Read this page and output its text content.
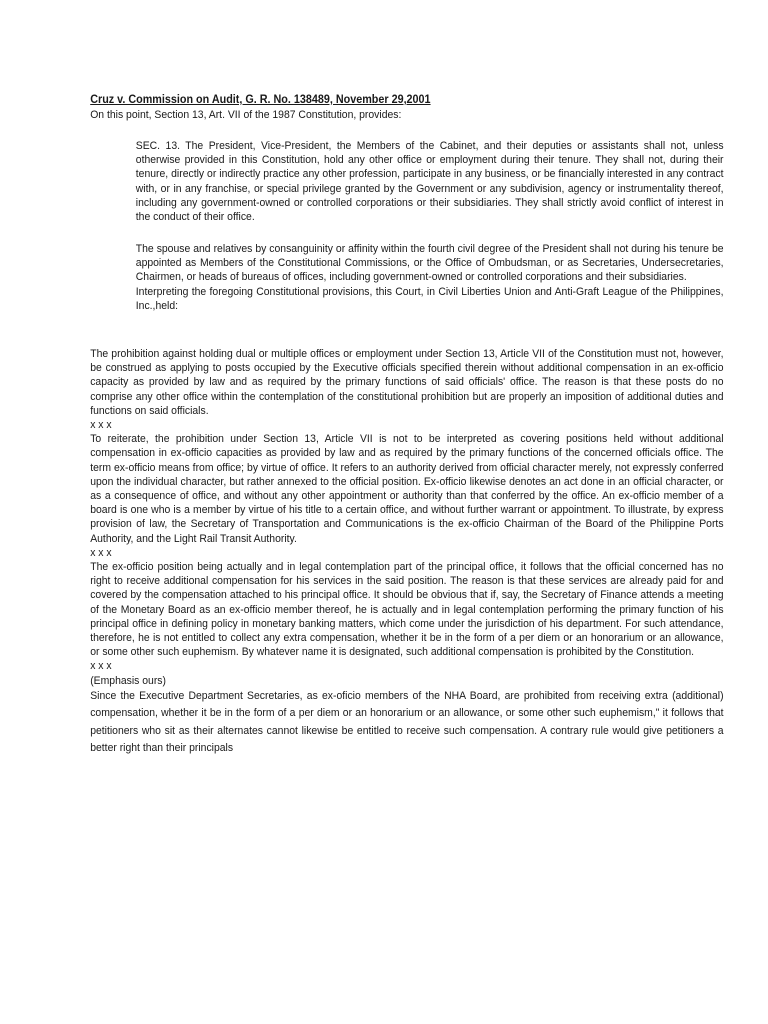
Cruz v. Commission on Audit, G. R. No. 138489, November 29,2001

On this point, Section 13, Art. VII of the 1987 Constitution, provides:

SEC. 13. The President, Vice-President, the Members of the Cabinet, and their deputies or assistants shall not, unless otherwise provided in this Constitution, hold any other office or employment during their tenure. They shall not, during their tenure, directly or indirectly practice any other profession, participate in any business, or be financially interested in any contract with, or in any franchise, or special privilege granted by the Government or any subdivision, agency or instrumentality thereof, including any government-owned or controlled corporations or their subsidiaries. They shall strictly avoid conflict of interest in the conduct of their office.

The spouse and relatives by consanguinity or affinity within the fourth civil degree of the President shall not during his tenure be appointed as Members of the Constitutional Commissions, or the Office of Ombudsman, or as Secretaries, Undersecretaries, Chairmen, or heads of bureaus of offices, including government-owned or controlled corporations and their subsidiaries.

Interpreting the foregoing Constitutional provisions, this Court, in Civil Liberties Union and Anti-Graft League of the Philippines, Inc.,held:

The prohibition against holding dual or multiple offices or employment under Section 13, Article VII of the Constitution must not, however, be construed as applying to posts occupied by the Executive officials specified therein without additional compensation in an ex-officio capacity as provided by law and as required by the primary functions of said officials' office. The reason is that these posts do no comprise any other office within the contemplation of the constitutional prohibition but are properly an imposition of additional duties and functions on said officials.

x x x

To reiterate, the prohibition under Section 13, Article VII is not to be interpreted as covering positions held without additional compensation in ex-officio capacities as provided by law and as required by the primary functions of the concerned officials office. The term ex-officio means from office; by virtue of office. It refers to an authority derived from official character merely, not expressly conferred upon the individual character, but rather annexed to the official position. Ex-officio likewise denotes an act done in an official character, or as a consequence of office, and without any other appointment or authority than that conferred by the office. An ex-officio member of a board is one who is a member by virtue of his title to a certain office, and without further warrant or appointment. To illustrate, by express provision of law, the Secretary of Transportation and Communications is the ex-officio Chairman of the Board of the Philippine Ports Authority, and the Light Rail Transit Authority.

x x x

The ex-officio position being actually and in legal contemplation part of the principal office, it follows that the official concerned has no right to receive additional compensation for his services in the said position. The reason is that these services are already paid for and covered by the compensation attached to his principal office. It should be obvious that if, say, the Secretary of Finance attends a meeting of the Monetary Board as an ex-officio member thereof, he is actually and in legal contemplation performing the primary function of his principal office in defining policy in monetary banking matters, which come under the jurisdiction of his department. For such attendance, therefore, he is not entitled to collect any extra compensation, whether it be in the form of a per diem or an honorarium or an allowance, or some other such euphemism. By whatever name it is designated, such additional compensation is prohibited by the Constitution.

x x x

(Emphasis ours)

Since the Executive Department Secretaries, as ex-oficio members of the NHA Board, are prohibited from receiving extra (additional) compensation, whether it be in the form of a per diem or an honorarium or an allowance, or some other such euphemism," it follows that petitioners who sit as their alternates cannot likewise be entitled to receive such compensation. A contrary rule would give petitioners a better right than their principals
